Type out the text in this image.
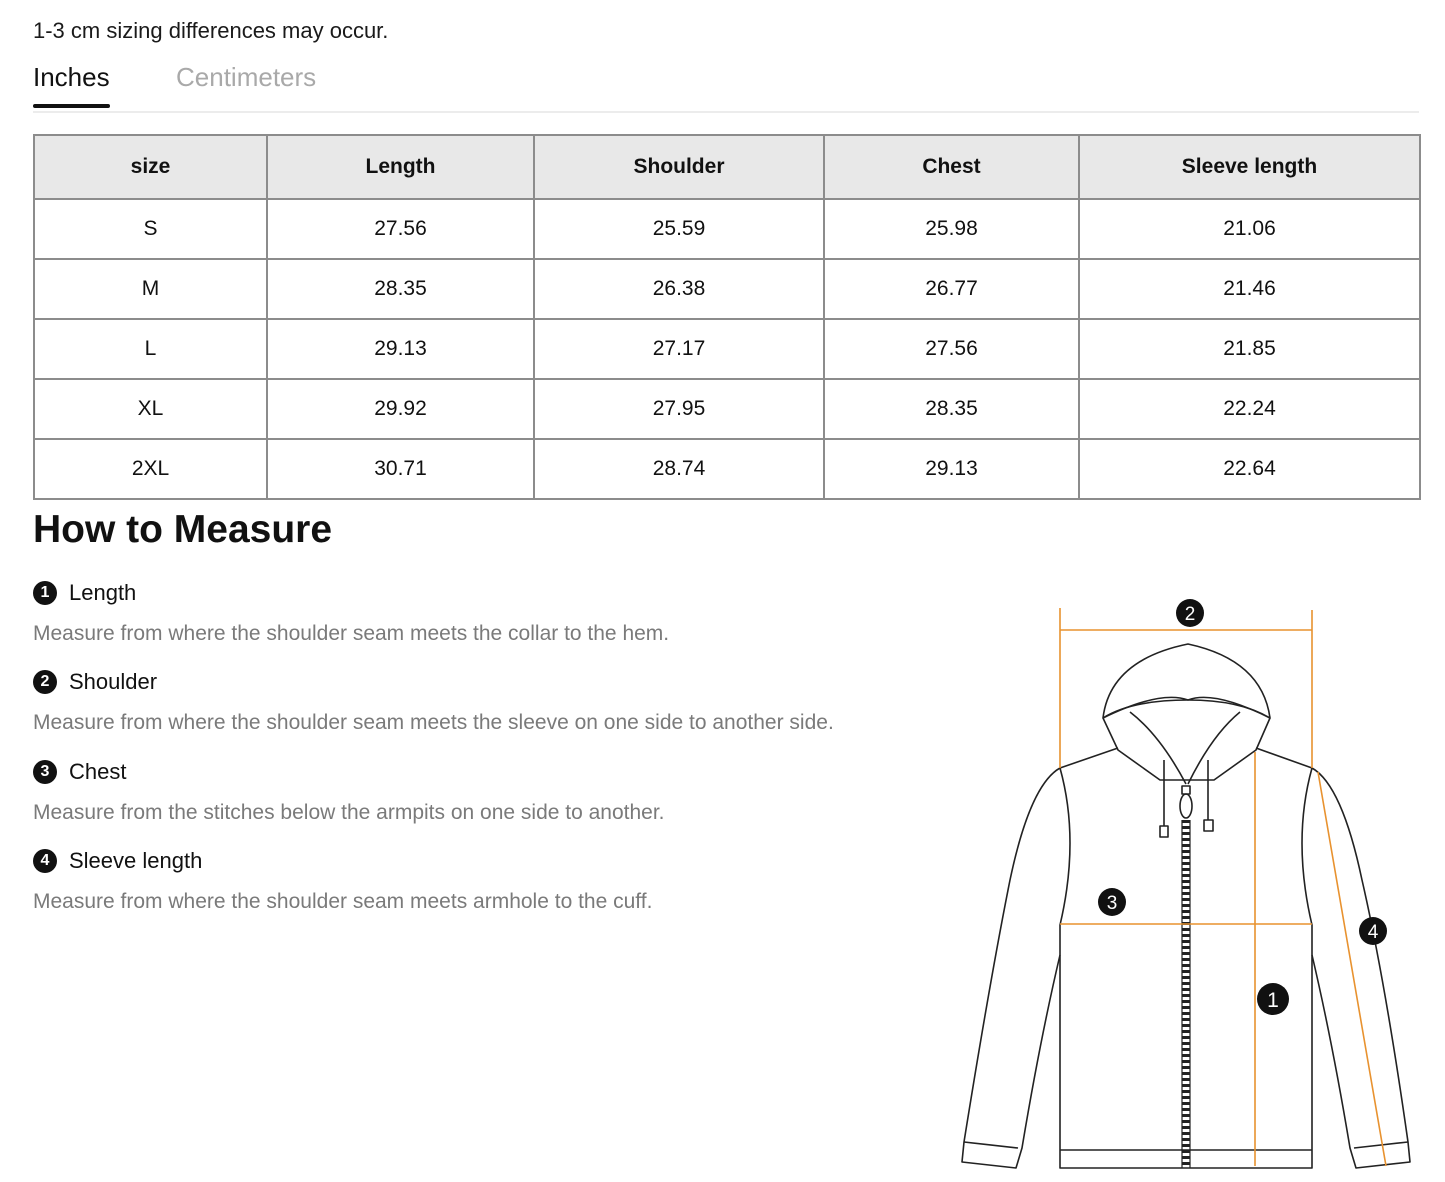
1-3 cm sizing differences may occur.
Inches	Centimeters
size	Length	Shoulder	Chest	Sleeve length
S	27.56	25.59	25.98	21.06
M	28.35	26.38	26.77	21.46
L	29.13	27.17	27.56	21.85
XL	29.92	27.95	28.35	22.24
2XL	30.71	28.74	29.13	22.64
How to Measure
1 Length
Measure from where the shoulder seam meets the collar to the hem.
2 Shoulder
Measure from where the shoulder seam meets the sleeve on one side to another side.
3 Chest
Measure from the stitches below the armpits on one side to another.
4 Sleeve length
Measure from where the shoulder seam meets armhole to the cuff.
2
3
4
1
